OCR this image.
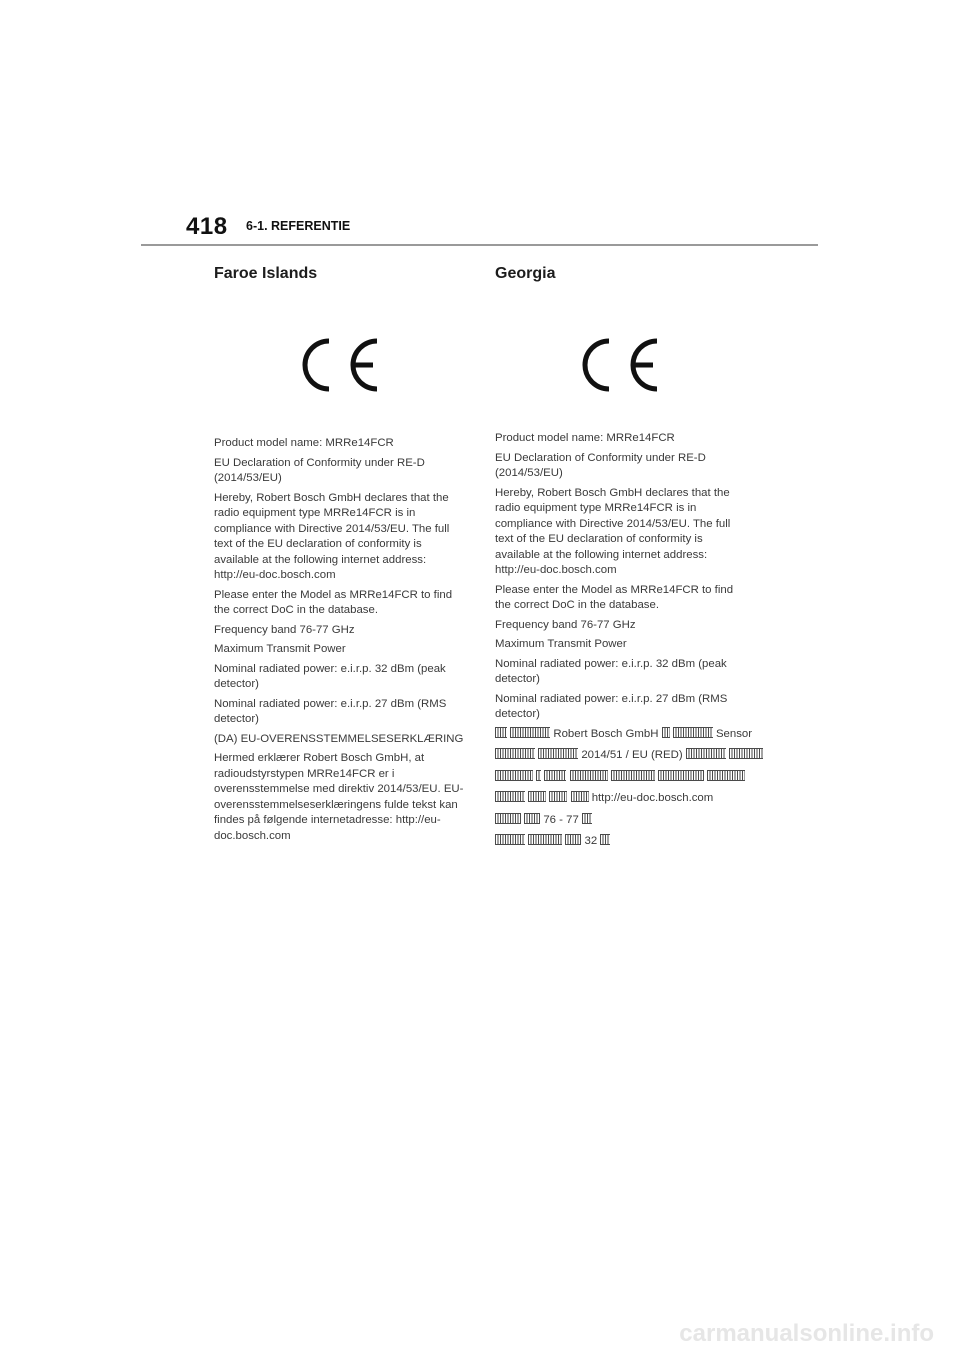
418 6-1. REFERENTIE
Faroe Islands

Product model name: MRRe14FCR

EU Declaration of Conformity under RE-D (2014/53/EU)

Hereby, Robert Bosch GmbH declares that the radio equipment type MRRe14FCR is in compliance with Directive 2014/53/EU. The full text of the EU declaration of conformity is available at the following internet address: http://eu-doc.bosch.com

Please enter the Model as MRRe14FCR to find the correct DoC in the database.

Frequency band 76-77 GHz

Maximum Transmit Power

Nominal radiated power: e.i.r.p. 32 dBm (peak detector)

Nominal radiated power: e.i.r.p. 27 dBm (RMS detector)

(DA) EU-OVERENSSTEMMELSESERKLÆRING

Hermed erklærer Robert Bosch GmbH, at radioudstyrstypen MRRe14FCR er i overensstemmelse med direktiv 2014/53/EU. EU-overensstemmelseserklæringens fulde tekst kan findes på følgende internetadresse: http://eu-doc.bosch.com

Georgia

Product model name: MRRe14FCR

EU Declaration of Conformity under RE-D (2014/53/EU)

Hereby, Robert Bosch GmbH declares that the radio equipment type MRRe14FCR is in compliance with Directive 2014/53/EU. The full text of the EU declaration of conformity is available at the following internet address: http://eu-doc.bosch.com

Please enter the Model as MRRe14FCR to find the correct DoC in the database.

Frequency band 76-77 GHz

Maximum Transmit Power

Nominal radiated power: e.i.r.p. 32 dBm (peak detector)

Nominal radiated power: e.i.r.p. 27 dBm (RMS detector)

Robert Bosch GmbH	Sensor
2014/51 / EU (RED)

http://eu-doc.bosch.com
76 - 77
32
carmanualsonline.info
